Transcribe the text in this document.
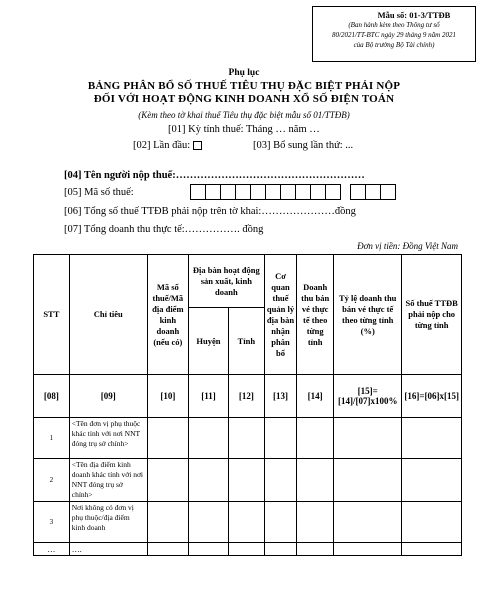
Mẫu số: 01-3/TTĐB
(Ban hành kèm theo Thông tư số
80/2021/TT-BTC ngày 29 tháng 9 năm 2021
của Bộ trưởng Bộ Tài chính)
Phụ lục
BẢNG PHÂN BỔ SỐ THUẾ TIÊU THỤ ĐẶC BIỆT PHẢI NỘP
ĐỐI VỚI HOẠT ĐỘNG KINH DOANH XỔ SỐ ĐIỆN TOÁN
(Kèm theo tờ khai thuế Tiêu thụ đặc biệt mẫu số 01/TTĐB)
[01] Kỳ tính thuế: Tháng … năm …
[02] Lần đầu:	[03] Bổ sung lần thứ: ...
[04] Tên người nộp thuế:………………………………………………
[05] Mã số thuế:
[06] Tổng số thuế TTĐB phải nộp trên tờ khai:…………………đồng
[07] Tổng doanh thu thực tế:……………. đồng
Đơn vị tiền: Đồng Việt Nam
STT	Chỉ tiêu	Mã số thuế/Mã địa điểm kinh doanh (nếu có)	Địa bàn hoạt động sản xuất, kinh doanh		Cơ quan thuế quản lý địa bàn nhận phân bổ	Doanh thu bán vé thực tế theo từng tỉnh	Tỷ lệ doanh thu bán vé thực tế theo từng tỉnh (%)	Số thuế TTĐB phải nộp cho từng tỉnh
			Huyện	Tỉnh				
[08]	[09]	[10]	[11]	[12]	[13]	[14]	[15]=[14]/[07]x100%	[16]=[06]x[15]
1	<Tên đơn vị phụ thuộc khác tỉnh với nơi NNT đóng trụ sở chính>							
2	<Tên địa điểm kinh doanh khác tỉnh với nơi NNT đóng trụ sở chính>							
3	Nơi không có đơn vị phụ thuộc/địa điểm kinh doanh							
…	….							
